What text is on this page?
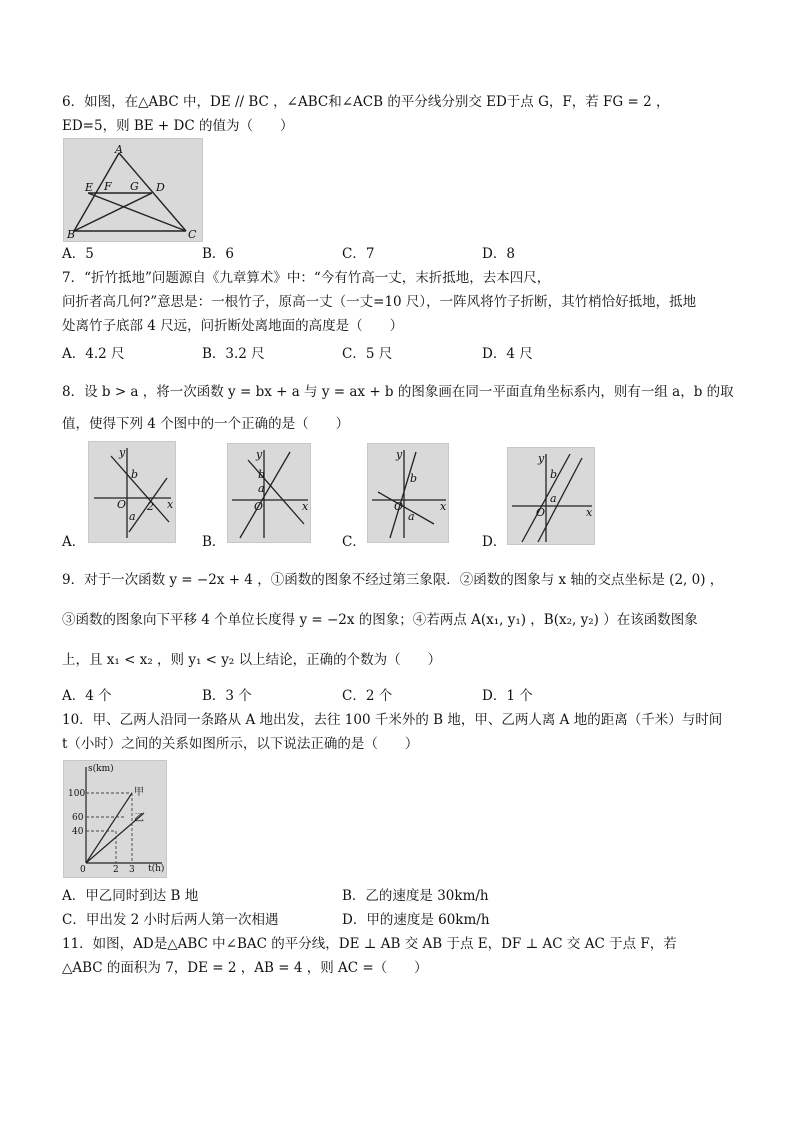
6．如图，在△ABC 中，DE // BC ，∠ABC和∠ACB 的平分线分别交 ED于点 G，F，若 FG = 2 ，
ED=5，则 BE + DC 的值为（　　）
A
E F G D
B	C
A．5	B．6	C．7	D．8
7．“折竹抵地”问题源自《九章算术》中：“今有竹高一丈，末折抵地，去本四尺，
问折者高几何?”意思是：一根竹子，原高一丈（一丈=10 尺），一阵风将竹子折断，其竹梢恰好抵地，抵地
处离竹子底部 4 尺远，问折断处离地面的高度是（　　）
A．4.2 尺	B．3.2 尺	C．5 尺	D．4 尺
8．设 b > a ，将一次函数 y = bx + a 与 y = ax + b 的图象画在同一平面直角坐标系内，则有一组 a，b 的取
值，使得下列 4 个图中的一个正确的是（　　）
y
x
O
b
a
2
y
x
O
b
a
y
x
O
b
a
y
x
O
b
a
A．	B．	C．	D．
9．对于一次函数 y = −2x + 4 ，①函数的图象不经过第三象限．②函数的图象与 x 轴的交点坐标是 (2, 0) ，
③函数的图象向下平移 4 个单位长度得 y = −2x 的图象；④若两点 A(x₁, y₁) ，B(x₂, y₂) ）在该函数图象
上，且 x₁ < x₂ ，则 y₁ < y₂ 以上结论，正确的个数为（　　）
A．4 个	B．3 个	C．2 个	D．1 个
10．甲、乙两人沿同一条路从 A 地出发，去往 100 千米外的 B 地，甲、乙两人离 A 地的距离（千米）与时间
t（小时）之间的关系如图所示，以下说法正确的是（　　）
s(km)
t(h)
100
60
40
0	2 3
甲
乙
A．甲乙同时到达 B 地	B．乙的速度是 30km/h
C．甲出发 2 小时后两人第一次相遇	D．甲的速度是 60km/h
11．如图，AD是△ABC 中∠BAC 的平分线，DE ⊥ AB 交 AB 于点 E，DF ⊥ AC 交 AC 于点 F，若
△ABC 的面积为 7，DE = 2 ，AB = 4 ，则 AC =（　　）
